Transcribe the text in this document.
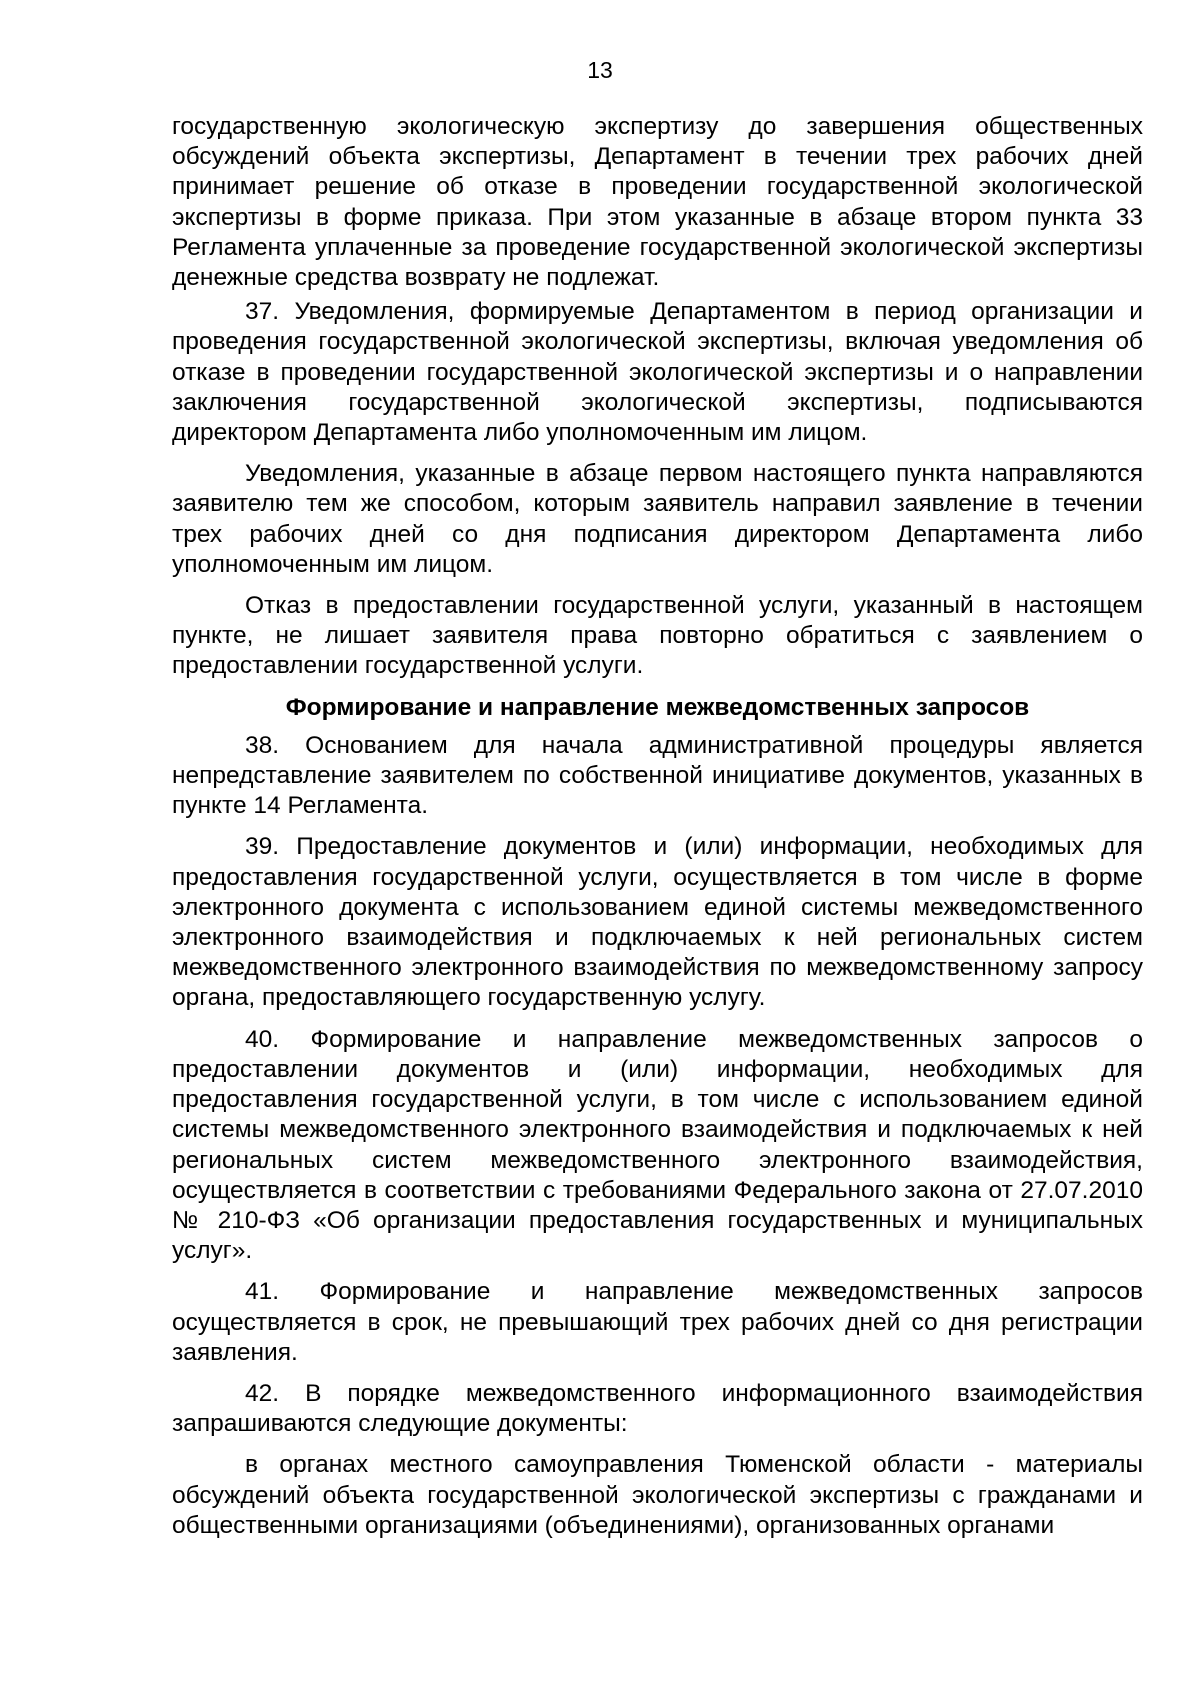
13

государственную экологическую экспертизу до завершения общественных обсуждений объекта экспертизы, Департамент в течении трех рабочих дней принимает решение об отказе в проведении государственной экологической экспертизы в форме приказа. При этом указанные в абзаце втором пункта 33 Регламента уплаченные за проведение государственной экологической экспертизы денежные средства возврату не подлежат.

37. Уведомления, формируемые Департаментом в период организации и проведения государственной экологической экспертизы, включая уведомления об отказе в проведении государственной экологической экспертизы и о направлении заключения государственной экологической экспертизы, подписываются директором Департамента либо уполномоченным им лицом.

Уведомления, указанные в абзаце первом настоящего пункта направляются заявителю тем же способом, которым заявитель направил заявление в течении трех рабочих дней со дня подписания директором Департамента либо уполномоченным им лицом.

Отказ в предоставлении государственной услуги, указанный в настоящем пункте, не лишает заявителя права повторно обратиться с заявлением о предоставлении государственной услуги.

Формирование и направление межведомственных запросов

38. Основанием для начала административной процедуры является непредставление заявителем по собственной инициативе документов, указанных в пункте 14 Регламента.

39. Предоставление документов и (или) информации, необходимых для предоставления государственной услуги, осуществляется в том числе в форме электронного документа с использованием единой системы межведомственного электронного взаимодействия и подключаемых к ней региональных систем межведомственного электронного взаимодействия по межведомственному запросу органа, предоставляющего государственную услугу.

40. Формирование и направление межведомственных запросов о предоставлении документов и (или) информации, необходимых для предоставления государственной услуги, в том числе с использованием единой системы межведомственного электронного взаимодействия и подключаемых к ней региональных систем межведомственного электронного взаимодействия, осуществляется в соответствии с требованиями Федерального закона от 27.07.2010 № 210-ФЗ «Об организации предоставления государственных и муниципальных услуг».

41. Формирование и направление межведомственных запросов осуществляется в срок, не превышающий трех рабочих дней со дня регистрации заявления.

42. В порядке межведомственного информационного взаимодействия запрашиваются следующие документы:

в органах местного самоуправления Тюменской области - материалы обсуждений объекта государственной экологической экспертизы с гражданами и общественными организациями (объединениями), организованных органами
